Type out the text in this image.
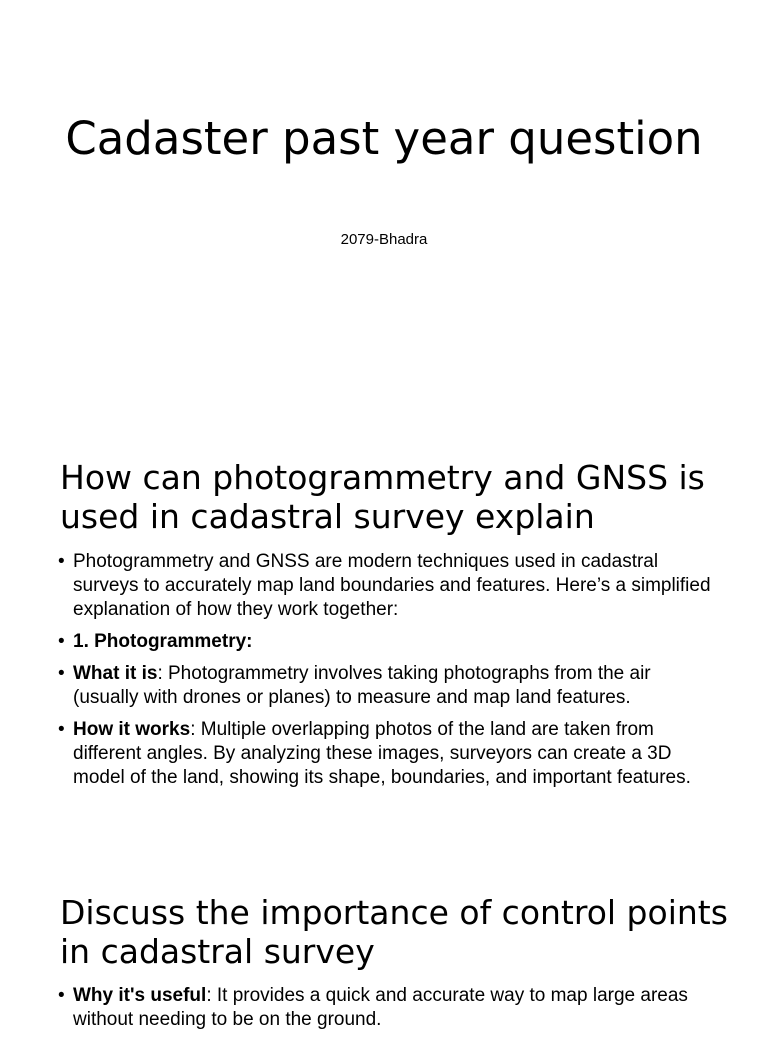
Cadaster past year question

2079-Bhadra

How can photogrammetry and GNSS is used in cadastral survey explain
• Photogrammetry and GNSS are modern techniques used in cadastral surveys to accurately map land boundaries and features. Here’s a simplified explanation of how they work together:
• 1. Photogrammetry:
• What it is: Photogrammetry involves taking photographs from the air (usually with drones or planes) to measure and map land features.
• How it works: Multiple overlapping photos of the land are taken from different angles. By analyzing these images, surveyors can create a 3D model of the land, showing its shape, boundaries, and important features.
Discuss the importance of control points in cadastral survey
• Why it's useful: It provides a quick and accurate way to map large areas without needing to be on the ground.
